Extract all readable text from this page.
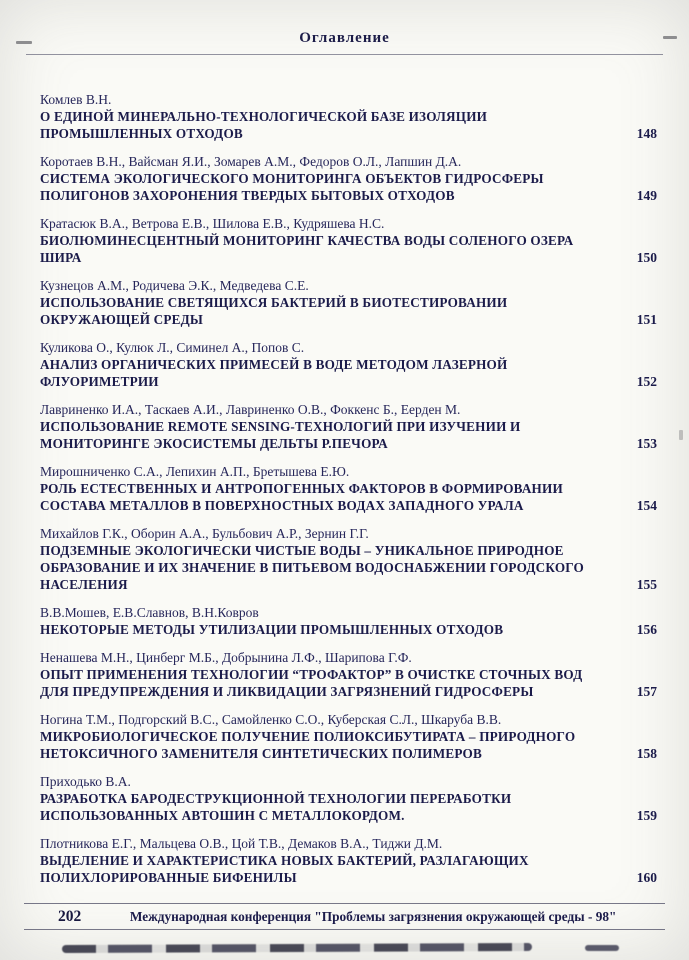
Оглавление
Комлев В.Н.
О ЕДИНОЙ МИНЕРАЛЬНО-ТЕХНОЛОГИЧЕСКОЙ БАЗЕ ИЗОЛЯЦИИ ПРОМЫШЛЕННЫХ ОТХОДОВ	148
Коротаев В.Н., Вайсман Я.И., Зомарев А.М., Федоров О.Л., Лапшин Д.А.
СИСТЕМА ЭКОЛОГИЧЕСКОГО МОНИТОРИНГА ОБЪЕКТОВ ГИДРОСФЕРЫ ПОЛИГОНОВ ЗАХОРОНЕНИЯ ТВЕРДЫХ БЫТОВЫХ ОТХОДОВ	149
Кратасюк В.А., Ветрова Е.В., Шилова Е.В., Кудряшева Н.С.
БИОЛЮМИНЕСЦЕНТНЫЙ МОНИТОРИНГ КАЧЕСТВА ВОДЫ СОЛЕНОГО ОЗЕРА ШИРА	150
Кузнецов А.М., Родичева Э.К., Медведева С.Е.
ИСПОЛЬЗОВАНИЕ СВЕТЯЩИХСЯ БАКТЕРИЙ В БИОТЕСТИРОВАНИИ ОКРУЖАЮЩЕЙ СРЕДЫ	151
Куликова О., Кулюк Л., Симинел А., Попов С.
АНАЛИЗ ОРГАНИЧЕСКИХ ПРИМЕСЕЙ В ВОДЕ МЕТОДОМ ЛАЗЕРНОЙ ФЛУОРИМЕТРИИ	152
Лавриненко И.А., Таскаев А.И., Лавриненко О.В., Фоккенс Б., Еерден М.
ИСПОЛЬЗОВАНИЕ REMOTE SENSING-ТЕХНОЛОГИЙ ПРИ ИЗУЧЕНИИ И МОНИТОРИНГЕ ЭКОСИСТЕМЫ ДЕЛЬТЫ Р.ПЕЧОРА	153
Мирошниченко С.А., Лепихин А.П., Бретышева Е.Ю.
РОЛЬ ЕСТЕСТВЕННЫХ И АНТРОПОГЕННЫХ ФАКТОРОВ В ФОРМИРОВАНИИ СОСТАВА МЕТАЛЛОВ В ПОВЕРХНОСТНЫХ ВОДАХ ЗАПАДНОГО УРАЛА	154
Михайлов Г.К., Оборин А.А., Бульбович А.Р., Зернин Г.Г.
ПОДЗЕМНЫЕ ЭКОЛОГИЧЕСКИ ЧИСТЫЕ ВОДЫ – УНИКАЛЬНОЕ ПРИРОДНОЕ ОБРАЗОВАНИЕ И ИХ ЗНАЧЕНИЕ В ПИТЬЕВОМ ВОДОСНАБЖЕНИИ ГОРОДСКОГО НАСЕЛЕНИЯ	155
В.В.Мошев, Е.В.Славнов, В.Н.Ковров
НЕКОТОРЫЕ МЕТОДЫ УТИЛИЗАЦИИ ПРОМЫШЛЕННЫХ ОТХОДОВ	156
Ненашева М.Н., Цинберг М.Б., Добрынина Л.Ф., Шарипова Г.Ф.
ОПЫТ ПРИМЕНЕНИЯ ТЕХНОЛОГИИ “ТРОФАКТОР” В ОЧИСТКЕ СТОЧНЫХ ВОД ДЛЯ ПРЕДУПРЕЖДЕНИЯ И ЛИКВИДАЦИИ ЗАГРЯЗНЕНИЙ ГИДРОСФЕРЫ	157
Ногина Т.М., Подгорский В.С., Самойленко С.О., Куберская С.Л., Шкаруба В.В.
МИКРОБИОЛОГИЧЕСКОЕ ПОЛУЧЕНИЕ ПОЛИОКСИБУТИРАТА – ПРИРОДНОГО НЕТОКСИЧНОГО ЗАМЕНИТЕЛЯ СИНТЕТИЧЕСКИХ ПОЛИМЕРОВ	158
Приходько В.А.
РАЗРАБОТКА БАРОДЕСТРУКЦИОННОЙ ТЕХНОЛОГИИ ПЕРЕРАБОТКИ ИСПОЛЬЗОВАННЫХ АВТОШИН С МЕТАЛЛОКОРДОМ.	159
Плотникова Е.Г., Мальцева О.В., Цой Т.В., Демаков В.А., Тиджи Д.М.
ВЫДЕЛЕНИЕ И ХАРАКТЕРИСТИКА НОВЫХ БАКТЕРИЙ, РАЗЛАГАЮЩИХ ПОЛИХЛОРИРОВАННЫЕ БИФЕНИЛЫ	160
202	Международная конференция "Проблемы загрязнения окружающей среды - 98"
